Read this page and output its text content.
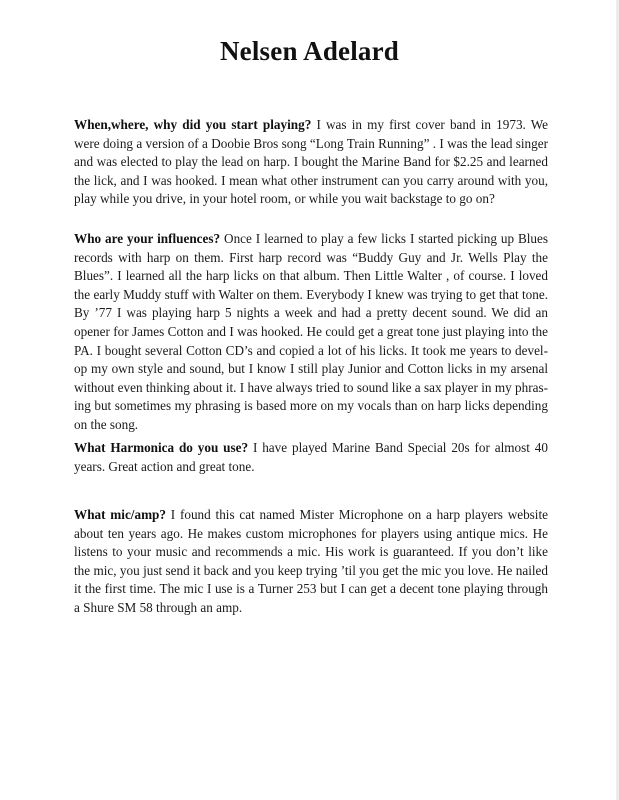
Nelsen Adelard

When,where, why did you start playing? I was in my first cover band in 1973. We were doing a version of a Doobie Bros song “Long Train Running” . I was the lead singer and was elected to play the lead on harp. I bought the Marine Band for $2.25 and learned the lick, and I was hooked. I mean what other instrument can you carry around with you, play while you drive, in your hotel room, or while you wait backstage to go on?

Who are your influences? Once I learned to play a few licks I started picking up Blues records with harp on them. First harp record was “Buddy Guy and Jr. Wells Play the Blues”. I learned all the harp licks on that album. Then Little Walter , of course. I loved the early Muddy stuff with Walter on them. Everybody I knew was trying to get that tone. By ’77 I was playing harp 5 nights a week and had a pretty decent sound. We did an opener for James Cotton and I was hooked. He could get a great tone just playing into the PA. I bought several Cotton CD’s and copied a lot of his licks. It took me years to develop my own style and sound, but I know I still play Junior and Cotton licks in my arsenal without even thinking about it. I have always tried to sound like a sax player in my phrasing but sometimes my phrasing is based more on my vocals than on harp licks depending on the song.

What Harmonica do you use? I have played Marine Band Special 20s for almost 40 years. Great action and great tone.

What mic/amp? I found this cat named Mister Microphone on a harp players website about ten years ago. He makes custom microphones for players using antique mics. He listens to your music and recommends a mic. His work is guaranteed. If you don’t like the mic, you just send it back and you keep trying ’til you get the mic you love. He nailed it the first time. The mic I use is a Turner 253 but I can get a decent tone playing through a Shure SM 58 through an amp.
